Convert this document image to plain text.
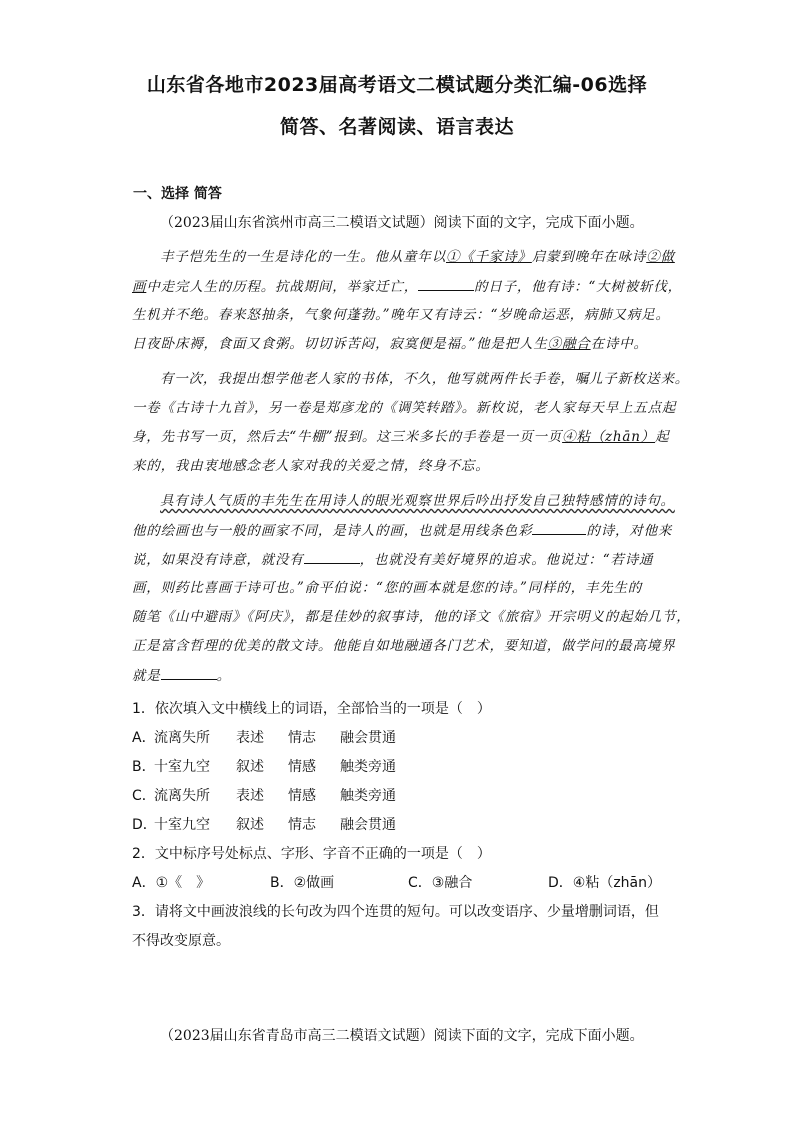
山东省各地市2023届高考语文二模试题分类汇编-06选择
简答、名著阅读、语言表达
一、选择 简答
（2023届山东省滨州市高三二模语文试题）阅读下面的文字，完成下面小题。
丰子恺先生的一生是诗化的一生。他从童年以①《千家诗》启蒙到晚年在咏诗②做
画中走完人生的历程。抗战期间，举家迁亡，	的日子，他有诗：“大树被斩伐，
生机并不绝。春来怒抽条，气象何蓬勃。”晚年又有诗云：“岁晚命运恶，病肺又病足。
日夜卧床褥，食面又食粥。切切诉苦闷，寂寞便是福。”他是把人生③融合在诗中。
有一次，我提出想学他老人家的书体，不久，他写就两件长手卷，嘱儿子新枚送来。
一卷《古诗十九首》，另一卷是郑彦龙的《调笑转踏》。新枚说，老人家每天早上五点起
身，先书写一页，然后去“牛棚”报到。这三米多长的手卷是一页一页④粘（zhān）起
来的，我由衷地感念老人家对我的关爱之情，终身不忘。
具有诗人气质的丰先生在用诗人的眼光观察世界后吟出抒发自己独特感情的诗句。
他的绘画也与一般的画家不同，是诗人的画，也就是用线条色彩	的诗，对他来
说，如果没有诗意，就没有	，也就没有美好境界的追求。他说过：“若诗通
画，则药比喜画于诗可也。”俞平伯说：“您的画本就是您的诗。”同样的，丰先生的
随笔《山中避雨》《阿庆》，都是佳妙的叙事诗，他的译文《旅宿》开宗明义的起始几节，
正是富含哲理的优美的散文诗。他能自如地融通各门艺术，要知道，做学问的最高境界
就是	。
1．依次填入文中横线上的词语，全部恰当的一项是（　）
A．流离失所 表述 情志 融会贯通
B．十室九空 叙述 情感 触类旁通
C．流离失所 表述 情感 触类旁通
D．十室九空 叙述 情志 融会贯通
2．文中标序号处标点、字形、字音不正确的一项是（　）
A．①《　》	B．②做画	C．③融合	D．④粘（zhān）
3．请将文中画波浪线的长句改为四个连贯的短句。可以改变语序、少量增删词语，但
不得改变原意。
（2023届山东省青岛市高三二模语文试题）阅读下面的文字，完成下面小题。
